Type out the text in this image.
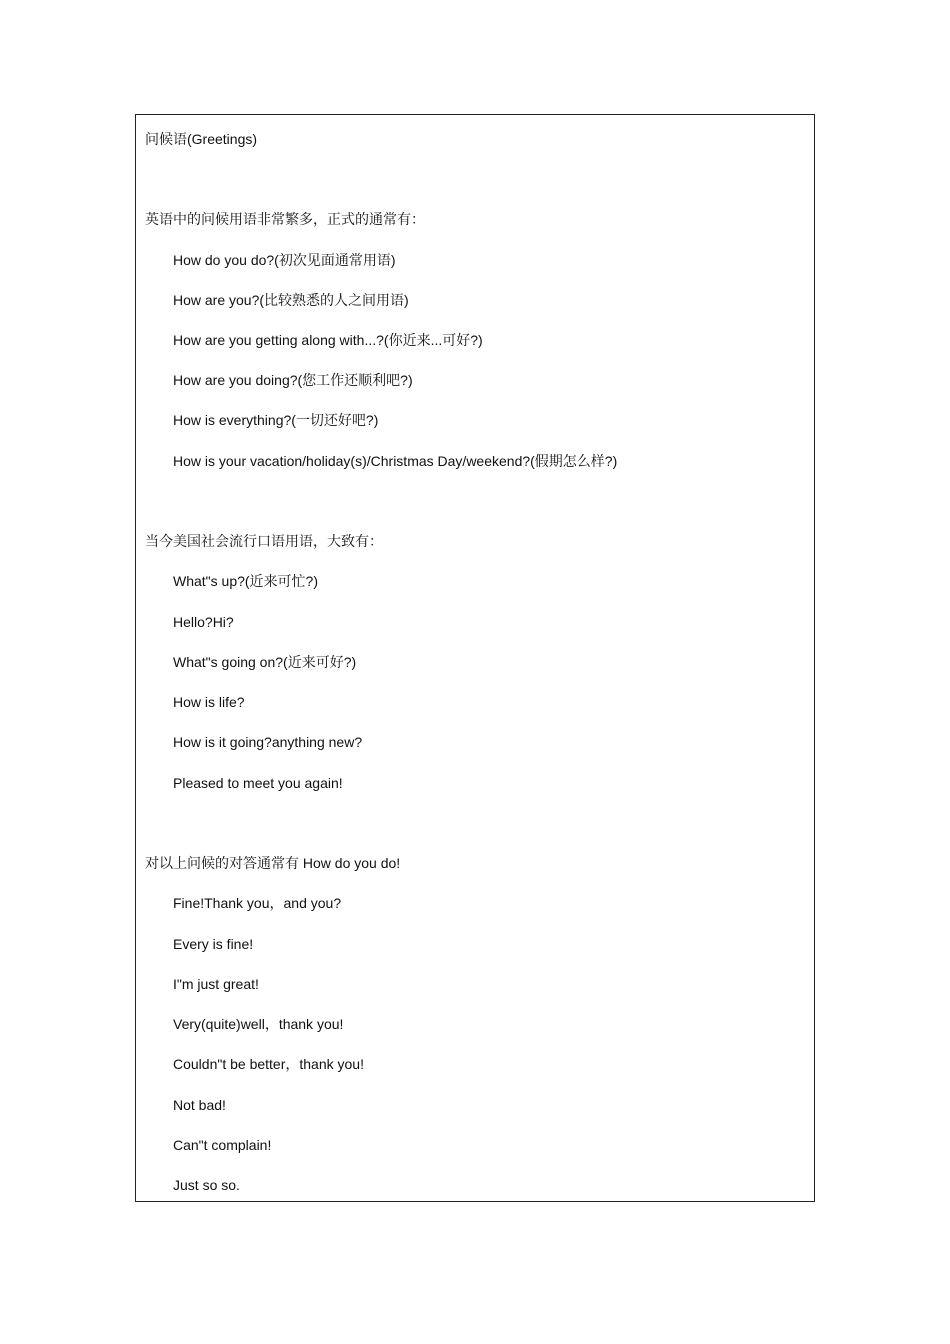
问候语(Greetings)
英语中的问候用语非常繁多，正式的通常有：
How do you do?(初次见面通常用语)
How are you?(比较熟悉的人之间用语)
How are you getting along with...?(你近来...可好?)
How are you doing?(您工作还顺利吧?)
How is everything?(一切还好吧?)
How is your vacation/holiday(s)/Christmas Day/weekend?(假期怎么样?)
当今美国社会流行口语用语，大致有：
What"s up?(近来可忙?)
Hello?Hi?
What"s going on?(近来可好?)
How is life?
How is it going?anything new?
Pleased to meet you again!
对以上问候的对答通常有 How do you do!
Fine!Thank you，and you?
Every is fine!
I"m just great!
Very(quite)well，thank you!
Couldn"t be better，thank you!
Not bad!
Can"t complain!
Just so so.
